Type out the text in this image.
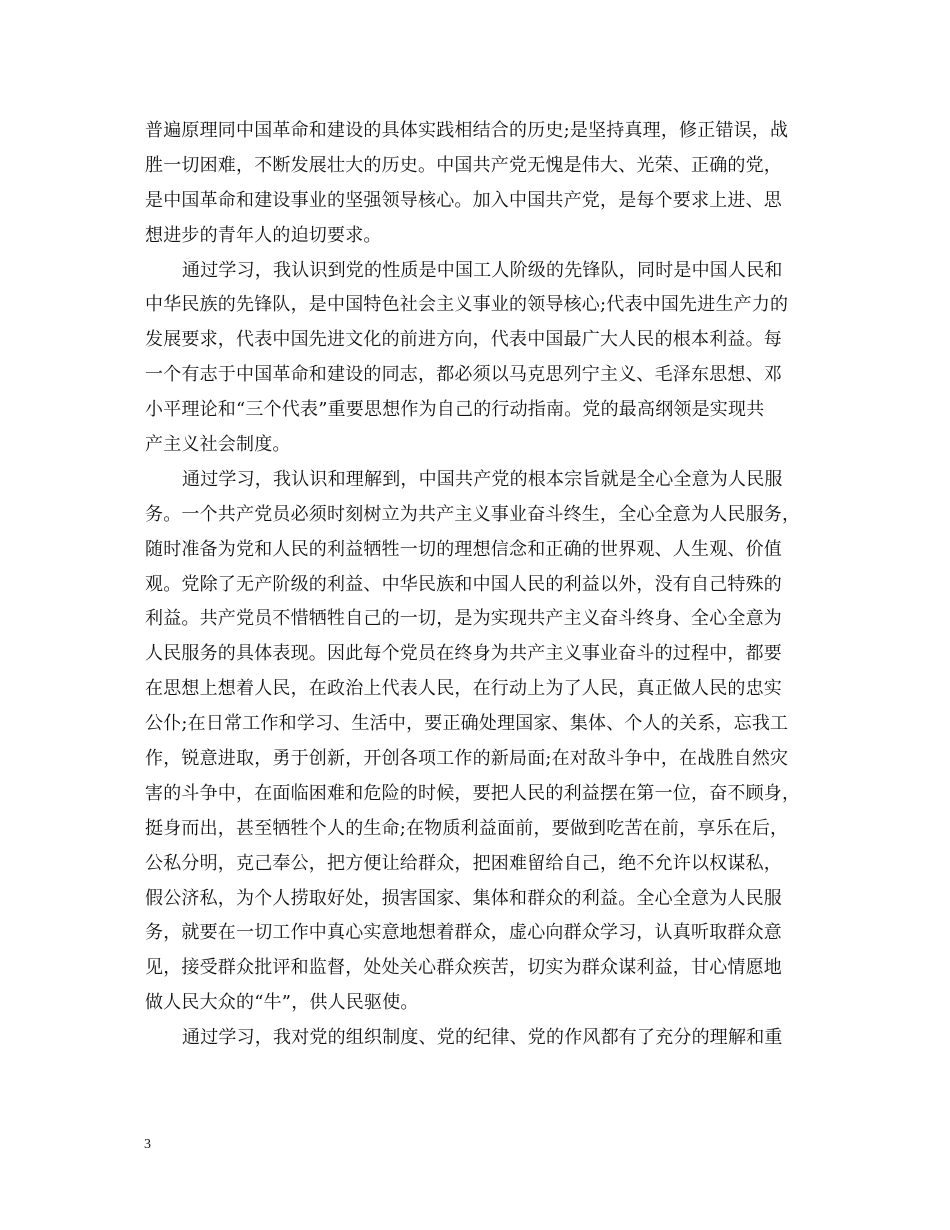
普遍原理同中国革命和建设的具体实践相结合的历史;是坚持真理，修正错误，战
胜一切困难，不断发展壮大的历史。中国共产党无愧是伟大、光荣、正确的党，
是中国革命和建设事业的坚强领导核心。加入中国共产党，是每个要求上进、思
想进步的青年人的迫切要求。
通过学习，我认识到党的性质是中国工人阶级的先锋队，同时是中国人民和
中华民族的先锋队，是中国特色社会主义事业的领导核心;代表中国先进生产力的
发展要求，代表中国先进文化的前进方向，代表中国最广大人民的根本利益。每
一个有志于中国革命和建设的同志，都必须以马克思列宁主义、毛泽东思想、邓
小平理论和“三个代表”重要思想作为自己的行动指南。党的最高纲领是实现共
产主义社会制度。
通过学习，我认识和理解到，中国共产党的根本宗旨就是全心全意为人民服
务。一个共产党员必须时刻树立为共产主义事业奋斗终生，全心全意为人民服务，
随时准备为党和人民的利益牺牲一切的理想信念和正确的世界观、人生观、价值
观。党除了无产阶级的利益、中华民族和中国人民的利益以外，没有自己特殊的
利益。共产党员不惜牺牲自己的一切，是为实现共产主义奋斗终身、全心全意为
人民服务的具体表现。因此每个党员在终身为共产主义事业奋斗的过程中，都要
在思想上想着人民，在政治上代表人民，在行动上为了人民，真正做人民的忠实
公仆;在日常工作和学习、生活中，要正确处理国家、集体、个人的关系，忘我工
作，锐意进取，勇于创新，开创各项工作的新局面;在对敌斗争中，在战胜自然灾
害的斗争中，在面临困难和危险的时候，要把人民的利益摆在第一位，奋不顾身，
挺身而出，甚至牺牲个人的生命;在物质利益面前，要做到吃苦在前，享乐在后，
公私分明，克己奉公，把方便让给群众，把困难留给自己，绝不允许以权谋私，
假公济私，为个人捞取好处，损害国家、集体和群众的利益。全心全意为人民服
务，就要在一切工作中真心实意地想着群众，虚心向群众学习，认真听取群众意
见，接受群众批评和监督，处处关心群众疾苦，切实为群众谋利益，甘心情愿地
做人民大众的“牛”，供人民驱使。
通过学习，我对党的组织制度、党的纪律、党的作风都有了充分的理解和重
3
